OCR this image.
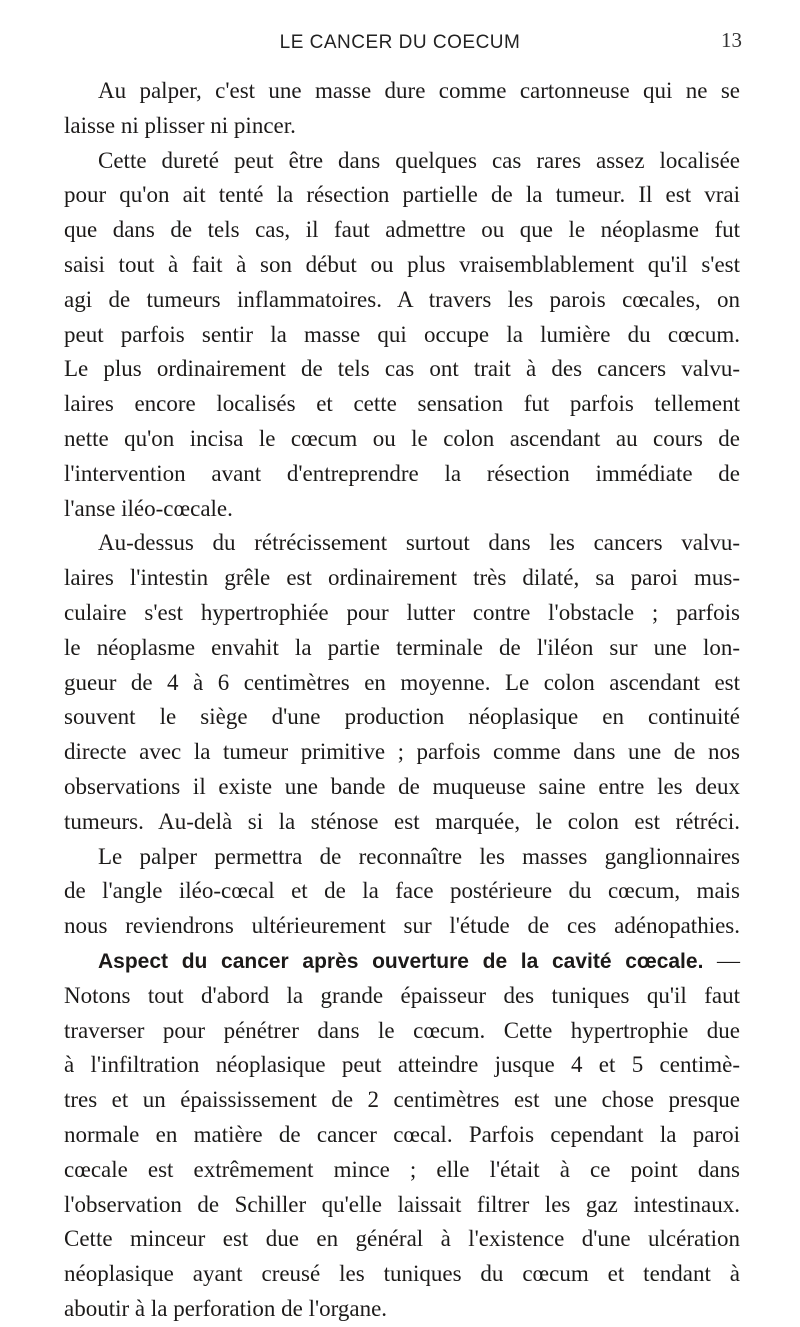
LE CANCER DU COECUM	13
Au palper, c'est une masse dure comme cartonneuse qui ne se
laisse ni plisser ni pincer.
Cette dureté peut être dans quelques cas rares assez localisée
pour qu'on ait tenté la résection partielle de la tumeur. Il est vrai
que dans de tels cas, il faut admettre ou que le néoplasme fut
saisi tout à fait à son début ou plus vraisemblablement qu'il s'est
agi de tumeurs inflammatoires. A travers les parois cœcales, on
peut parfois sentir la masse qui occupe la lumière du cœcum.
Le plus ordinairement de tels cas ont trait à des cancers valvu-
laires encore localisés et cette sensation fut parfois tellement
nette qu'on incisa le cœcum ou le colon ascendant au cours de
l'intervention avant d'entreprendre la résection immédiate de
l'anse iléo-cœcale.
Au-dessus du rétrécissement surtout dans les cancers valvu-
laires l'intestin grêle est ordinairement très dilaté, sa paroi mus-
culaire s'est hypertrophiée pour lutter contre l'obstacle ; parfois
le néoplasme envahit la partie terminale de l'iléon sur une lon-
gueur de 4 à 6 centimètres en moyenne. Le colon ascendant est
souvent le siège d'une production néoplasique en continuité
directe avec la tumeur primitive ; parfois comme dans une de nos
observations il existe une bande de muqueuse saine entre les deux
tumeurs. Au-delà si la sténose est marquée, le colon est rétréci.
Le palper permettra de reconnaître les masses ganglionnaires
de l'angle iléo-cœcal et de la face postérieure du cœcum, mais
nous reviendrons ultérieurement sur l'étude de ces adénopathies.
Aspect du cancer après ouverture de la cavité cœcale. —
Notons tout d'abord la grande épaisseur des tuniques qu'il faut
traverser pour pénétrer dans le cœcum. Cette hypertrophie due
à l'infiltration néoplasique peut atteindre jusque 4 et 5 centimè-
tres et un épaississement de 2 centimètres est une chose presque
normale en matière de cancer cœcal. Parfois cependant la paroi
cœcale est extrêmement mince ; elle l'était à ce point dans
l'observation de Schiller qu'elle laissait filtrer les gaz intestinaux.
Cette minceur est due en général à l'existence d'une ulcération
néoplasique ayant creusé les tuniques du cœcum et tendant à
aboutir à la perforation de l'organe.
